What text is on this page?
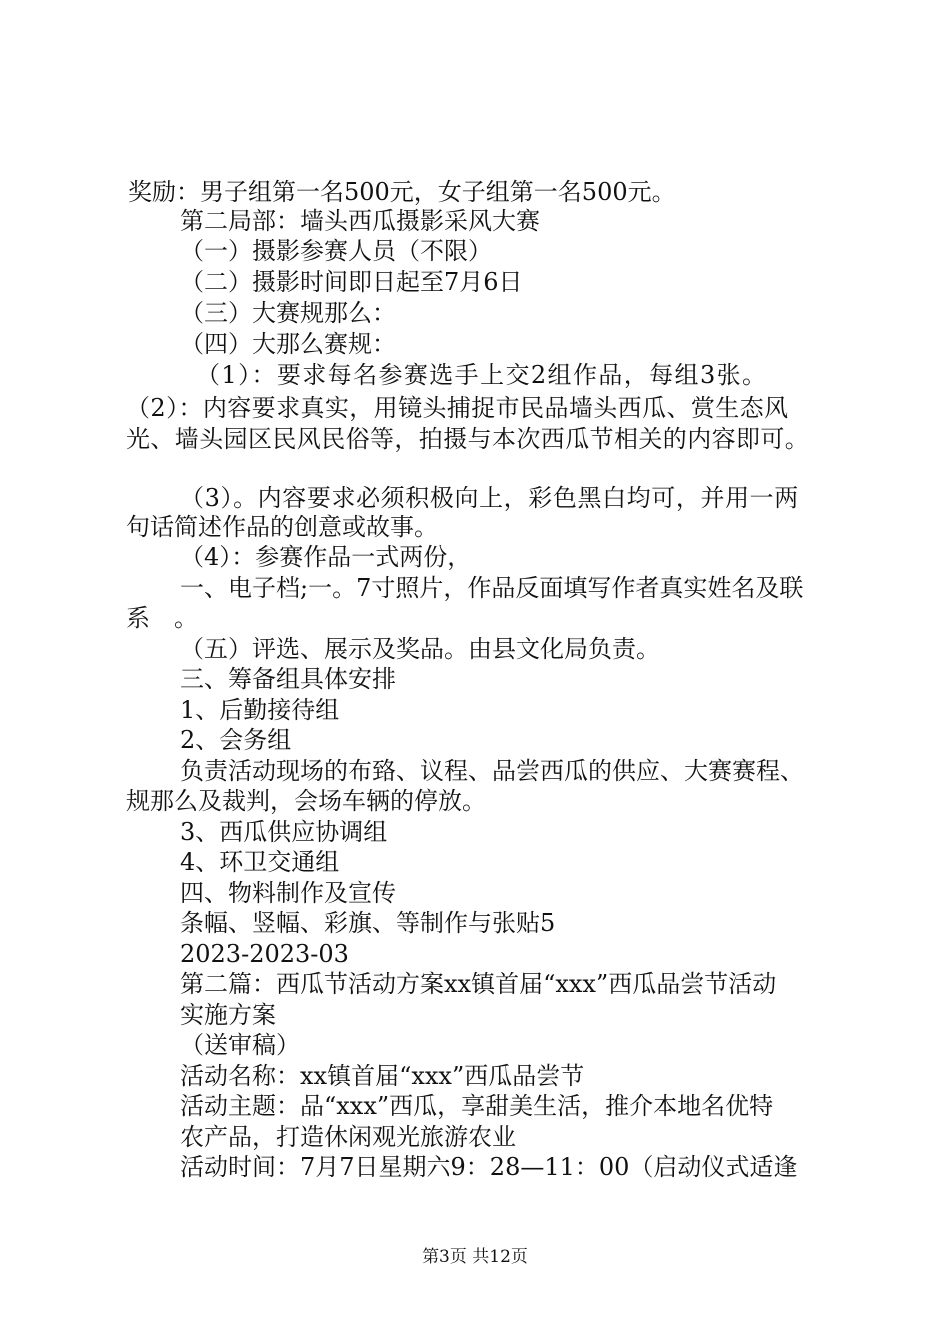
奖励：男子组第一名500元，女子组第一名500元。
第二局部：墙头西瓜摄影采风大赛
（一）摄影参赛人员（不限）
（二）摄影时间即日起至7月6日
（三）大赛规那么：
（四）大那么赛规：
（1）：要求每名参赛选手上交2组作品，每组3张。
（2）：内容要求真实，用镜头捕捉市民品墙头西瓜、赏生态风
光、墙头园区民风民俗等，拍摄与本次西瓜节相关的内容即可。
（3）。内容要求必须积极向上，彩色黑白均可，并用一两
句话简述作品的创意或故事。
（4）：参赛作品一式两份，
一、电子档;一。7寸照片，作品反面填写作者真实姓名及联
系　。
（五）评选、展示及奖品。由县文化局负责。
三、筹备组具体安排
1、后勤接待组
2、会务组
负责活动现场的布臵、议程、品尝西瓜的供应、大赛赛程、
规那么及裁判，会场车辆的停放。
3、西瓜供应协调组
4、环卫交通组
四、物料制作及宣传
条幅、竖幅、彩旗、等制作与张贴5
2023-2023-03
第二篇：西瓜节活动方案xx镇首届“xxx”西瓜品尝节活动
实施方案
（送审稿）
活动名称：xx镇首届“xxx”西瓜品尝节
活动主题：品“xxx”西瓜，享甜美生活，推介本地名优特
农产品，打造休闲观光旅游农业
活动时间：7月7日星期六9：28—11：00（启动仪式适逢
第3页 共12页
